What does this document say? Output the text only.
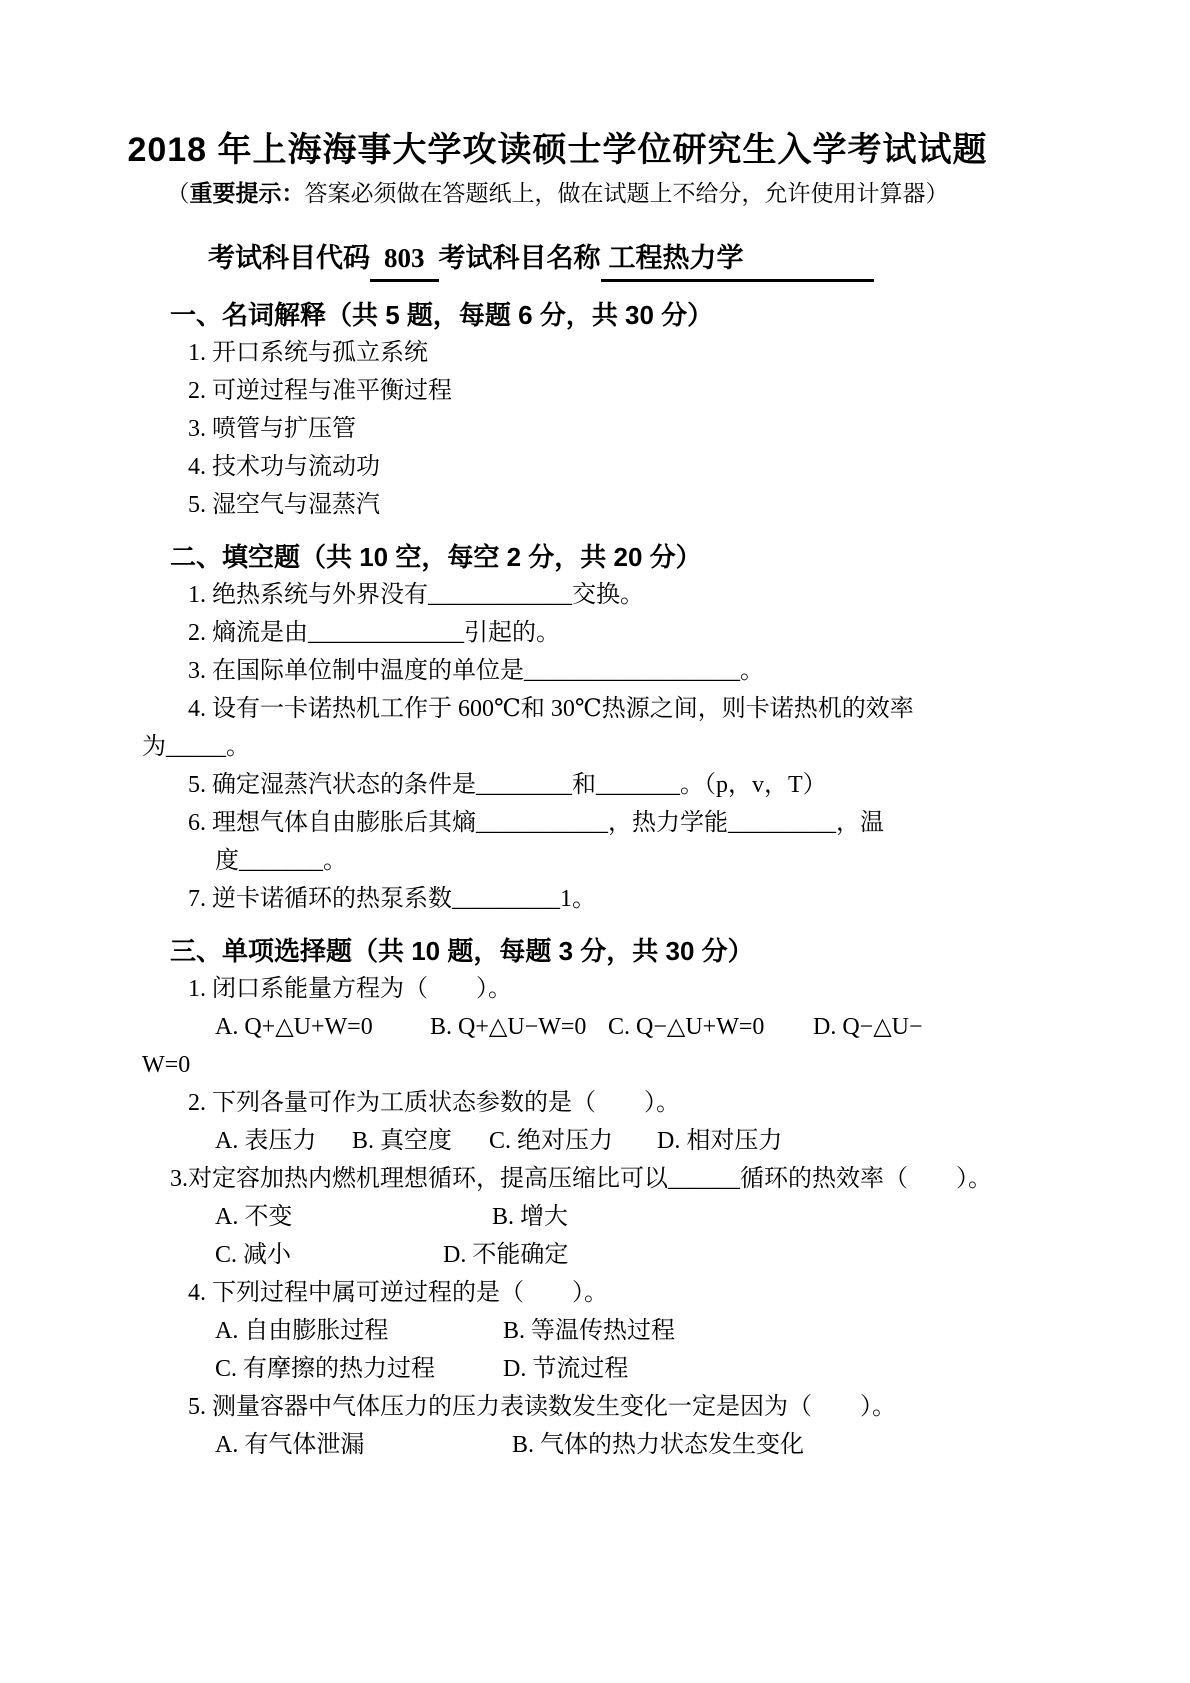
2018 年上海海事大学攻读硕士学位研究生入学考试试题
（重要提示：答案必须做在答题纸上，做在试题上不给分，允许使用计算器）
考试科目代码 803 考试科目名称 工程热力学
一、名词解释（共 5 题，每题 6 分，共 30 分）
1. 开口系统与孤立系统
2. 可逆过程与准平衡过程
3. 喷管与扩压管
4. 技术功与流动功
5. 湿空气与湿蒸汽
二、填空题（共 10 空，每空 2 分，共 20 分）
1. 绝热系统与外界没有____________交换。
2. 熵流是由_____________引起的。
3. 在国际单位制中温度的单位是__________________。
4. 设有一卡诺热机工作于 600℃和 30℃热源之间，则卡诺热机的效率
为_____。
5. 确定湿蒸汽状态的条件是________和_______。（p，v，T）
6. 理想气体自由膨胀后其熵___________，热力学能_________，温
度_______。
7. 逆卡诺循环的热泵系数_________1。
三、单项选择题（共 10 题，每题 3 分，共 30 分）
1. 闭口系能量方程为（　　）。
A. Q+△U+W=0 B. Q+△U−W=0 C. Q−△U+W=0 D. Q−△U−
W=0
2. 下列各量可作为工质状态参数的是（　　）。
A. 表压力 B. 真空度 C. 绝对压力 D. 相对压力
3.对定容加热内燃机理想循环，提高压缩比可以______循环的热效率（　　）。
A. 不变	B. 增大
C. 减小	D. 不能确定
4. 下列过程中属可逆过程的是（　　）。
A. 自由膨胀过程	B. 等温传热过程
C. 有摩擦的热力过程	D. 节流过程
5. 测量容器中气体压力的压力表读数发生变化一定是因为（　　）。
A. 有气体泄漏	B. 气体的热力状态发生变化
